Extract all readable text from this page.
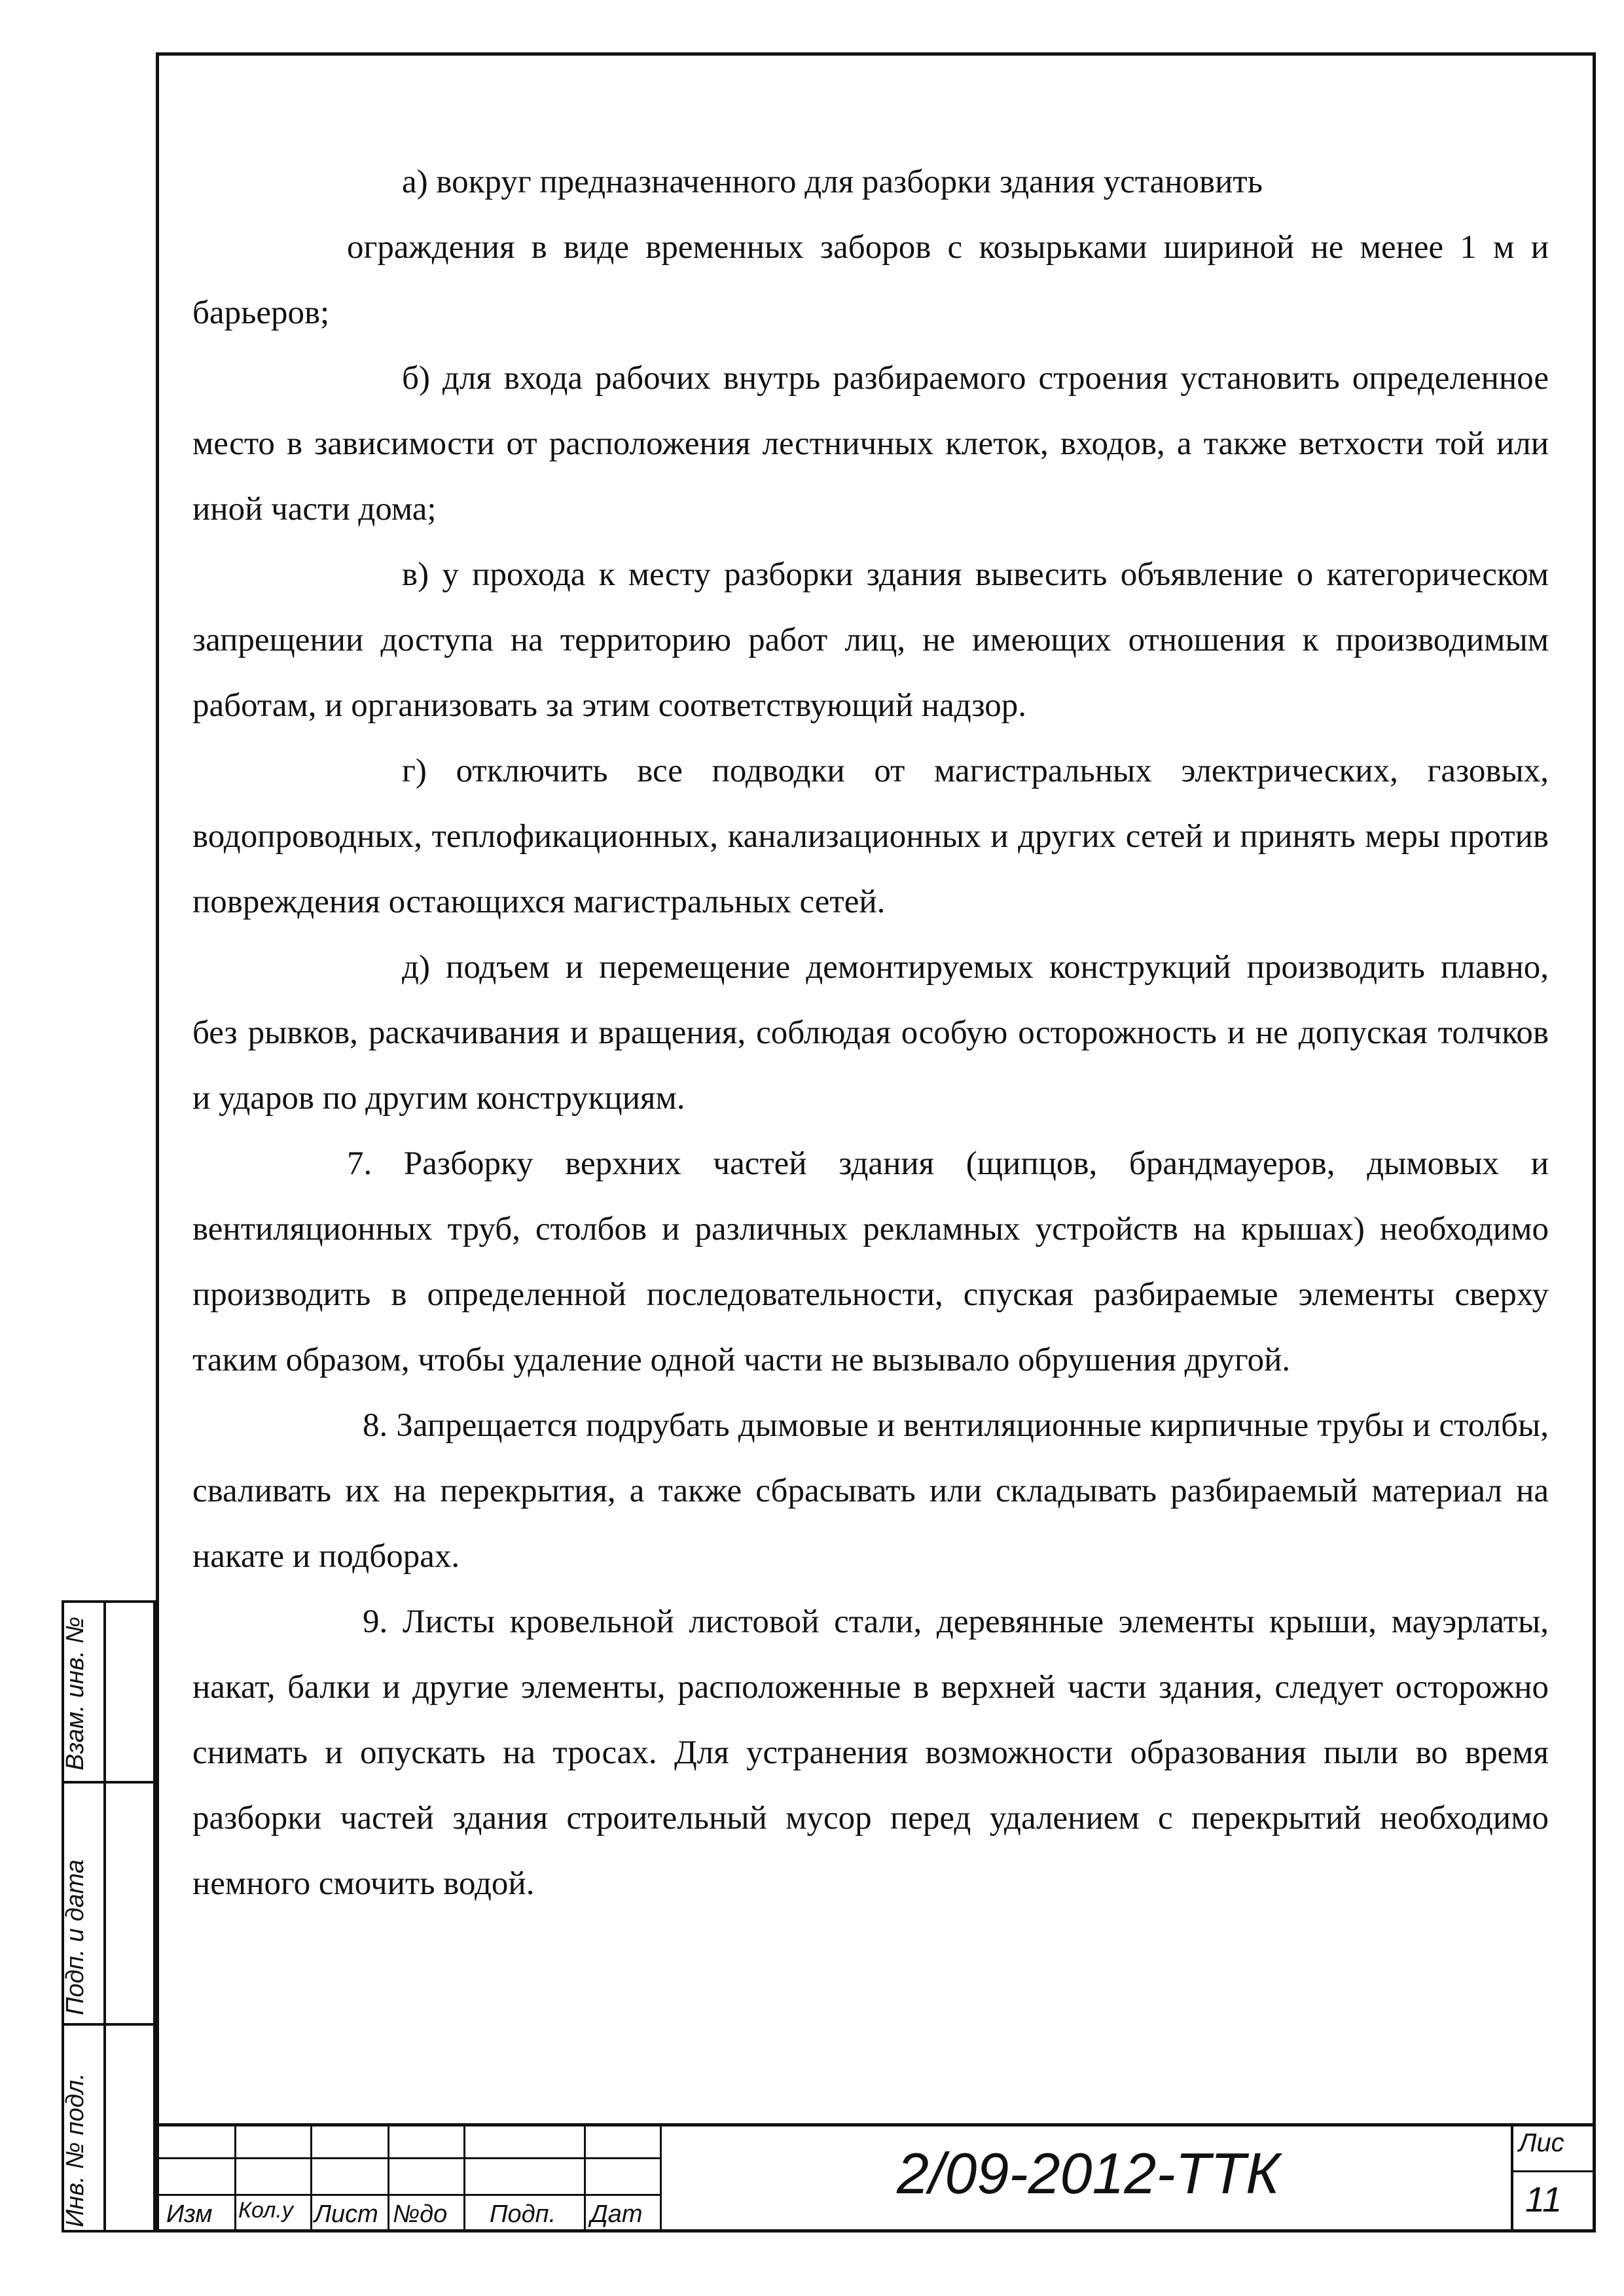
а) вокруг предназначенного для разборки здания установить

ограждения в виде временных заборов с козырьками шириной не менее 1 м и барьеров;

б) для входа рабочих внутрь разбираемого строения установить определенное место в зависимости от расположения лестничных клеток, входов, а также ветхости той или иной части дома;

в) у прохода к месту разборки здания вывесить объявление о категорическом запрещении доступа на территорию работ лиц, не имеющих отношения к производимым работам, и организовать за этим соответствующий надзор.

г) отключить все подводки от магистральных электрических, газовых, водопроводных, теплофикационных, канализационных и других сетей и принять меры против повреждения остающихся магистральных сетей.

д) подъем и перемещение демонтируемых конструкций производить плавно, без рывков, раскачивания и вращения, соблюдая особую осторожность и не допуская толчков и ударов по другим конструкциям.

7. Разборку верхних частей здания (щипцов, брандмауеров, дымовых и вентиляционных труб, столбов и различных рекламных устройств на крышах) необходимо производить в определенной последовательности, спуская разбираемые элементы сверху таким образом, чтобы удаление одной части не вызывало обрушения другой.

8. Запрещается подрубать дымовые и вентиляционные кирпичные трубы и столбы, сваливать их на перекрытия, а также сбрасывать или складывать разбираемый материал на накате и подборах.

9. Листы кровельной листовой стали, деревянные элементы крыши, мауэрлаты, накат, балки и другие элементы, расположенные в верхней части здания, следует осторожно снимать и опускать на тросах. Для устранения возможности образования пыли во время разборки частей здания строительный мусор перед удалением с перекрытий необходимо немного смочить водой.

Взам. инв. №
Подп. и дата
Инв. № подл.	Изм Кол.у Лист №до Подп. Дат
2/09-2012-ТТК	Лис
11
